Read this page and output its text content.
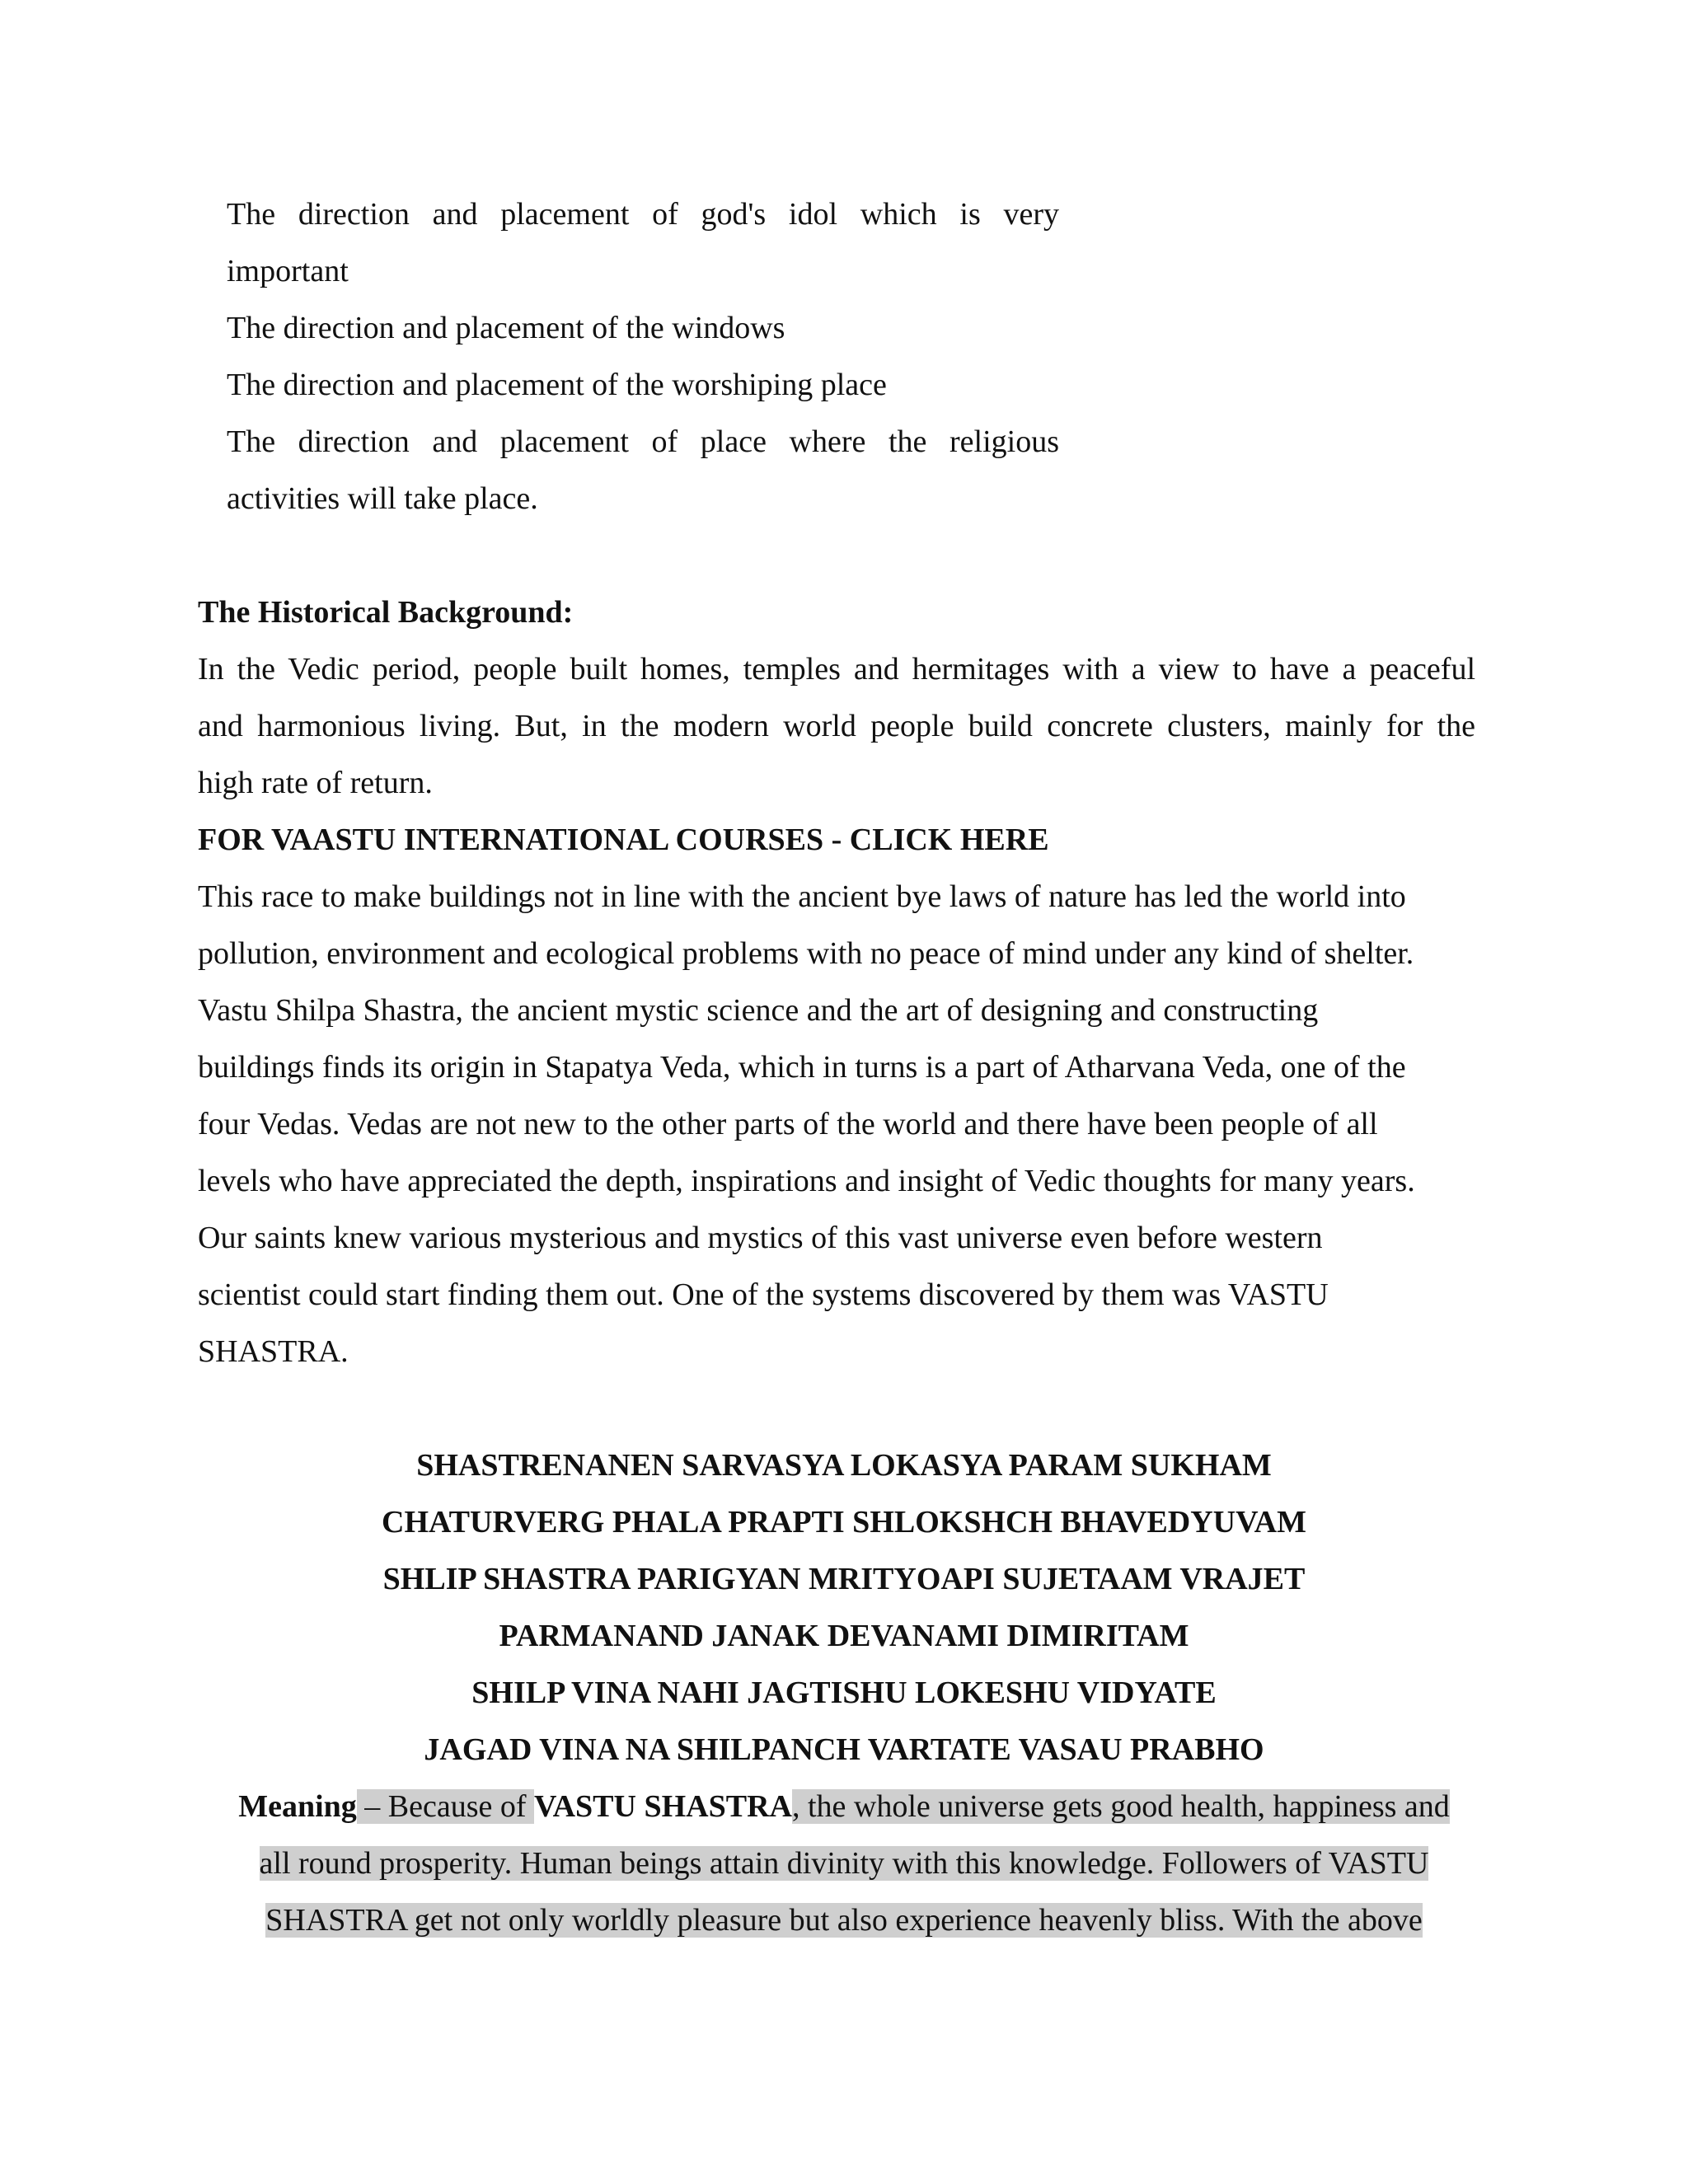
The direction and placement of god's idol which is very
important
The direction and placement of the windows
The direction and placement of the worshiping place
The direction and placement of place where the religious
activities will take place.
The Historical Background:
In the Vedic period, people built homes, temples and hermitages with a view to have a peaceful
and harmonious living. But, in the modern world people build concrete clusters, mainly for the
high rate of return.
FOR VAASTU INTERNATIONAL COURSES - CLICK HERE
This race to make buildings not in line with the ancient bye laws of nature has led the world into
pollution, environment and ecological problems with no peace of mind under any kind of shelter.
Vastu Shilpa Shastra, the ancient mystic science and the art of designing and constructing
buildings finds its origin in Stapatya Veda, which in turns is a part of Atharvana Veda, one of the
four Vedas. Vedas are not new to the other parts of the world and there have been people of all
levels who have appreciated the depth, inspirations and insight of Vedic thoughts for many years.
Our saints knew various mysterious and mystics of this vast universe even before western
scientist could start finding them out. One of the systems discovered by them was VASTU
SHASTRA.
SHASTRENANEN SARVASYA LOKASYA PARAM SUKHAM
CHATURVERG PHALA PRAPTI SHLOKSHCH BHAVEDYUVAM
SHLIP SHASTRA PARIGYAN MRITYOAPI SUJETAAM VRAJET
PARMANAND JANAK DEVANAMI DIMIRITAM
SHILP VINA NAHI JAGTISHU LOKESHU VIDYATE
JAGAD VINA NA SHILPANCH VARTATE VASAU PRABHO
Meaning – Because of VASTU SHASTRA, the whole universe gets good health, happiness and
all round prosperity. Human beings attain divinity with this knowledge. Followers of VASTU
SHASTRA get not only worldly pleasure but also experience heavenly bliss. With the above
